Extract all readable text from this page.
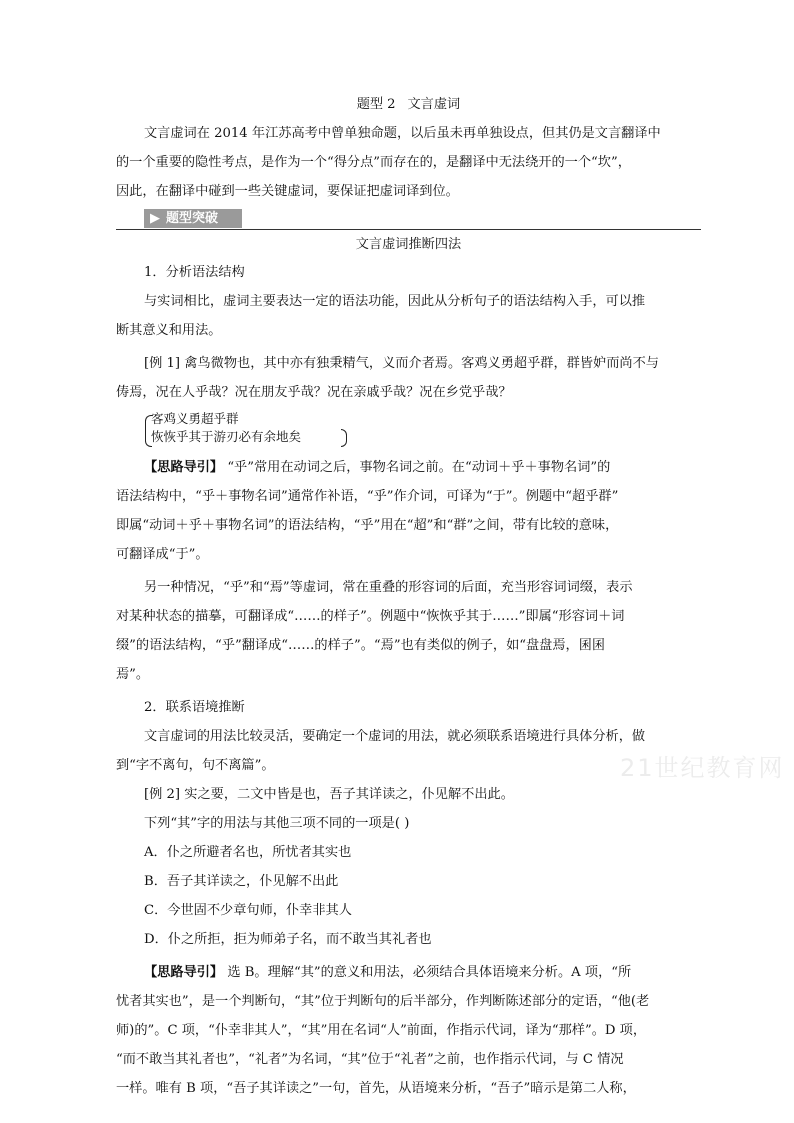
题型 2 文言虚词

文言虚词在 2014 年江苏高考中曾单独命题，以后虽未再单独设点，但其仍是文言翻译中

的一个重要的隐性考点，是作为一个“得分点”而存在的，是翻译中无法绕开的一个“坎”，

因此，在翻译中碰到一些关键虚词，要保证把虚词译到位。

▶ 题型突破
文言虚词推断四法

1．分析语法结构

与实词相比，虚词主要表达一定的语法功能，因此从分析句子的语法结构入手，可以推

断其意义和用法。

[例 1] 禽鸟微物也，其中亦有独秉精气，义而介者焉。客鸡义勇超乎群，群皆妒而尚不与

俦焉，况在人乎哉？况在朋友乎哉？况在亲戚乎哉？况在乡党乎哉？

客鸡义勇超乎群
恢恢乎其于游刃必有余地矣

【思路导引】 “乎”常用在动词之后，事物名词之前。在“动词＋乎＋事物名词”的

语法结构中，“乎＋事物名词”通常作补语，“乎”作介词，可译为“于”。例题中“超乎群”

即属“动词＋乎＋事物名词”的语法结构，“乎”用在“超”和“群”之间，带有比较的意味，

可翻译成“于”。

另一种情况，“乎”和“焉”等虚词，常在重叠的形容词的后面，充当形容词词缀，表示

对某种状态的描摹，可翻译成“……的样子”。例题中“恢恢乎其于……”即属“形容词＋词

缀”的语法结构，“乎”翻译成“……的样子”。“焉”也有类似的例子，如“盘盘焉，囷囷

焉”。

2．联系语境推断

文言虚词的用法比较灵活，要确定一个虚词的用法，就必须联系语境进行具体分析，做

到“字不离句，句不离篇”。

[例 2] 实之要，二文中皆是也，吾子其详读之，仆见解不出此。

下列“其”字的用法与其他三项不同的一项是( )

A．仆之所避者名也，所忧者其实也

B．吾子其详读之，仆见解不出此

C．今世固不少章句师，仆幸非其人

D．仆之所拒，拒为师弟子名，而不敢当其礼者也

【思路导引】 选 B。理解“其”的意义和用法，必须结合具体语境来分析。A 项，“所

忧者其实也”，是一个判断句，“其”位于判断句的后半部分，作判断陈述部分的定语，“他(老

师)的”。C 项，“仆幸非其人”，“其”用在名词“人”前面，作指示代词，译为“那样”。D 项，

“而不敢当其礼者也”，“礼者”为名词，“其”位于“礼者”之前，也作指示代词，与 C 情况

一样。唯有 B 项，“吾子其详读之”一句，首先，从语境来分析，“吾子”暗示是第二人称，

21世纪教育网
